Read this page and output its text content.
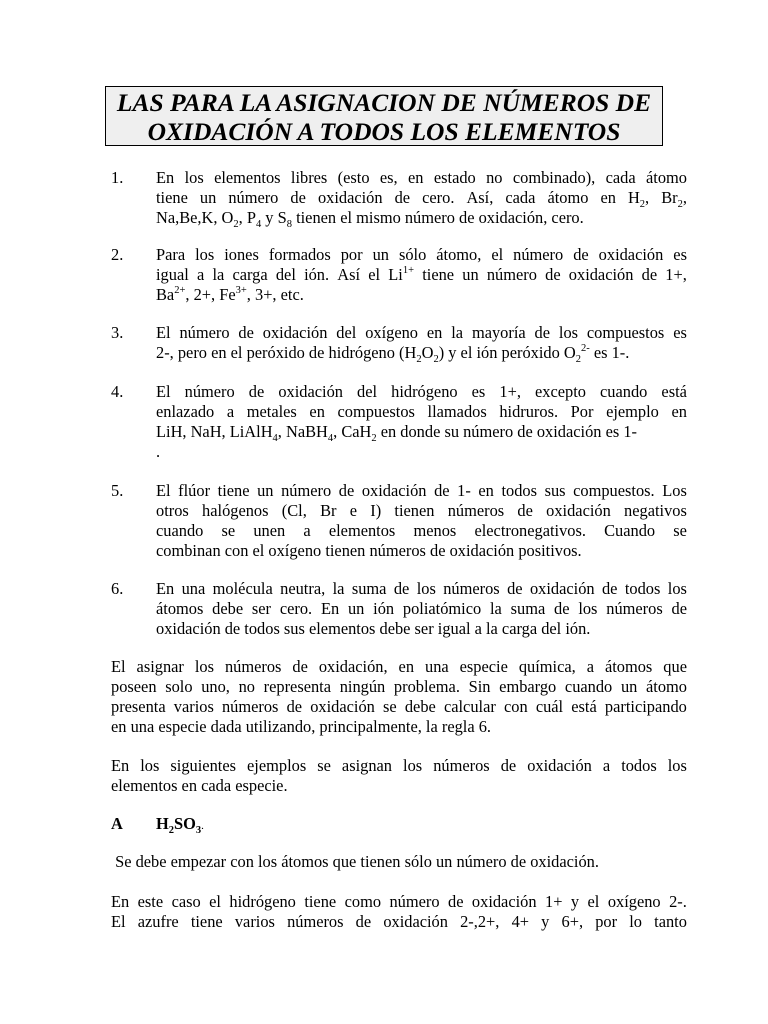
LAS PARA LA ASIGNACION DE NÚMEROS DE
OXIDACIÓN A TODOS LOS ELEMENTOS
1. En los elementos libres (esto es, en estado no combinado), cada átomo
tiene un número de oxidación de cero. Así, cada átomo en $H_2$, $Br_2$,
Na,Be,K, $O_2$, $P_4$ y $S_8$ tienen el mismo número de oxidación, cero.
2. Para los iones formados por un sólo átomo, el número de oxidación es
igual a la carga del ión. Así el $Li^{1+}$ tiene un número de oxidación de 1+,
$Ba^{2+}$, 2+, $Fe^{3+}$, 3+, etc.
3. El número de oxidación del oxígeno en la mayoría de los compuestos es
2-, pero en el peróxido de hidrógeno $(H_2O_2)$ y el ión peróxido $O_2^{2-}$ es 1-.
4. El número de oxidación del hidrógeno es 1+, excepto cuando está
enlazado a metales en compuestos llamados hidruros. Por ejemplo en
LiH, NaH, LiAlH$_4$, NaBH$_4$, CaH$_2$ en donde su número de oxidación es 1-
.
5. El flúor tiene un número de oxidación de 1- en todos sus compuestos. Los
otros halógenos (Cl, Br e I) tienen números de oxidación negativos
cuando se unen a elementos menos electronegativos. Cuando se
combinan con el oxígeno tienen números de oxidación positivos.
6. En una molécula neutra, la suma de los números de oxidación de todos los
átomos debe ser cero. En un ión poliatómico la suma de los números de
oxidación de todos sus elementos debe ser igual a la carga del ión.
El asignar los números de oxidación, en una especie química, a átomos que
poseen solo uno, no representa ningún problema. Sin embargo cuando un átomo
presenta varios números de oxidación se debe calcular con cuál está participando
en una especie dada utilizando, principalmente, la regla 6.
En los siguientes ejemplos se asignan los números de oxidación a todos los
elementos en cada especie.
A $H_2SO_3$.
Se debe empezar con los átomos que tienen sólo un número de oxidación.
En este caso el hidrógeno tiene como número de oxidación 1+ y el oxígeno 2-.
El azufre tiene varios números de oxidación 2-,2+, 4+ y 6+, por lo tanto
